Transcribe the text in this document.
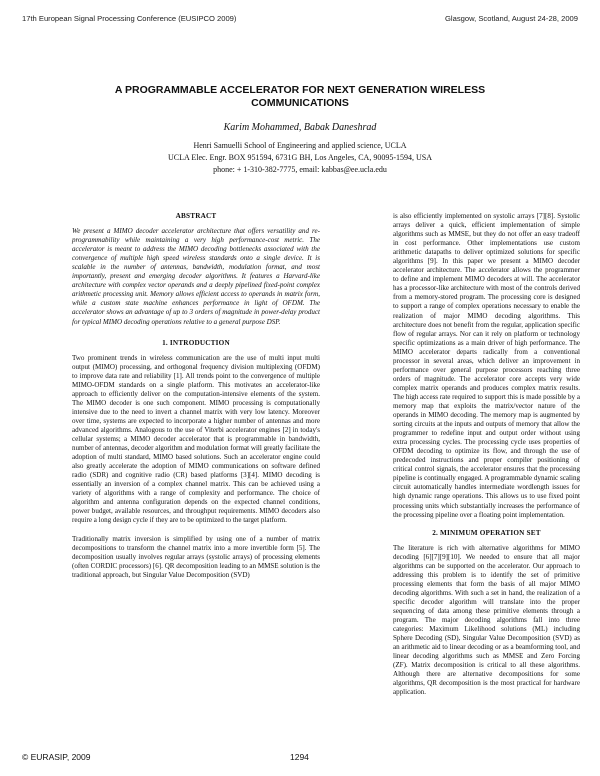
17th European Signal Processing Conference (EUSIPCO 2009)	Glasgow, Scotland, August 24-28, 2009
A PROGRAMMABLE ACCELERATOR FOR NEXT GENERATION WIRELESS
COMMUNICATIONS
Karim Mohammed, Babak Daneshrad
Henri Samuelli School of Engineering and applied science, UCLA
UCLA Elec. Engr. BOX 951594, 6731G BH, Los Angeles, CA, 90095-1594, USA
phone: + 1-310-382-7775, email: kabbas@ee.ucla.edu
ABSTRACT
We present a MIMO decoder accelerator architecture that offers versatility and re-programmability while maintaining a very high performance-cost metric. The accelerator is meant to address the MIMO decoding bottlenecks associated with the convergence of multiple high speed wireless standards onto a single device. It is scalable in the number of antennas, bandwidth, modulation format, and most importantly, present and emerging decoder algorithms. It features a Harvard-like architecture with complex vector operands and a deeply pipelined fixed-point complex arithmetic processing unit. Memory allows efficient access to operands in matrix form, while a custom state machine enhances performance in light of OFDM. The accelerator shows an advantage of up to 3 orders of magnitude in power-delay product for typical MIMO decoding operations relative to a general purpose DSP.
1. INTRODUCTION
Two prominent trends in wireless communication are the use of multi input multi output (MIMO) processing, and orthogonal frequency division multiplexing (OFDM) to improve data rate and reliability [1]. All trends point to the convergence of multiple MIMO-OFDM standards on a single platform. This motivates an accelerator-like approach to efficiently deliver on the computation-intensive elements of the system. The MIMO decoder is one such component. MIMO processing is computationally intensive due to the need to invert a channel matrix with very low latency. Moreover over time, systems are expected to incorporate a higher number of antennas and more advanced algorithms. Analogous to the use of Viterbi accelerator engines [2] in today's cellular systems; a MIMO decoder accelerator that is programmable in bandwidth, number of antennas, decoder algorithm and modulation format will greatly facilitate the adoption of multi standard, MIMO based solutions. Such an accelerator engine could also greatly accelerate the adoption of MIMO communications on software defined radio (SDR) and cognitive radio (CR) based platforms [3][4]. MIMO decoding is essentially an inversion of a complex channel matrix. This can be achieved using a variety of algorithms with a range of complexity and performance. The choice of algorithm and antenna configuration depends on the expected channel conditions, power budget, available resources, and throughput requirements. MIMO decoders also require a long design cycle if they are to be optimized to the target platform.
Traditionally matrix inversion is simplified by using one of a number of matrix decompositions to transform the channel matrix into a more invertible form [5]. The decomposition usually involves regular arrays (systolic arrays) of processing elements (often CORDIC processors) [6]. QR decomposition leading to an MMSE solution is the traditional approach, but Singular Value Decomposition (SVD)
is also efficiently implemented on systolic arrays [7][8]. Systolic arrays deliver a quick, efficient implementation of simple algorithms such as MMSE, but they do not offer an easy tradeoff in cost performance. Other implementations use custom arithmetic datapaths to deliver optimized solutions for specific algorithms [9]. In this paper we present a MIMO decoder accelerator architecture. The accelerator allows the programmer to define and implement MIMO decoders at will. The accelerator has a processor-like architecture with most of the controls derived from a memory-stored program. The processing core is designed to support a range of complex operations necessary to enable the realization of major MIMO decoding algorithms. This architecture does not benefit from the regular, application specific flow of regular arrays. Nor can it rely on platform or technology specific optimizations as a main driver of high performance. The MIMO accelerator departs radically from a conventional processor in several areas, which deliver an improvement in performance over general purpose processors reaching three orders of magnitude. The accelerator core accepts very wide complex matrix operands and produces complex matrix results. The high access rate required to support this is made possible by a memory map that exploits the matrix/vector nature of the operands in MIMO decoding. The memory map is augmented by sorting circuits at the inputs and outputs of memory that allow the programmer to redefine input and output order without using extra processing cycles. The processing cycle uses properties of OFDM decoding to optimize its flow, and through the use of predecoded instructions and proper compiler positioning of critical control signals, the accelerator ensures that the processing pipeline is continually engaged. A programmable dynamic scaling circuit automatically handles intermediate wordlength issues for high dynamic range operations. This allows us to use fixed point processing units which substantially increases the performance of the processing pipeline over a floating point implementation.
2. MINIMUM OPERATION SET
The literature is rich with alternative algorithms for MIMO decoding [6][7][9][10]. We needed to ensure that all major algorithms can be supported on the accelerator. Our approach to addressing this problem is to identify the set of primitive processing elements that form the basis of all major MIMO decoding algorithms. With such a set in hand, the realization of a specific decoder algorithm will translate into the proper sequencing of data among these primitive elements through a program. The major decoding algorithms fall into three categories: Maximum Likelihood solutions (ML) including Sphere Decoding (SD), Singular Value Decomposition (SVD) as an arithmetic aid to linear decoding or as a beamforming tool, and linear decoding algorithms such as MMSE and Zero Forcing (ZF). Matrix decomposition is critical to all these algorithms. Although there are alternative decompositions for some algorithms, QR decomposition is the most practical for hardware application.
© EURASIP, 2009	1294
